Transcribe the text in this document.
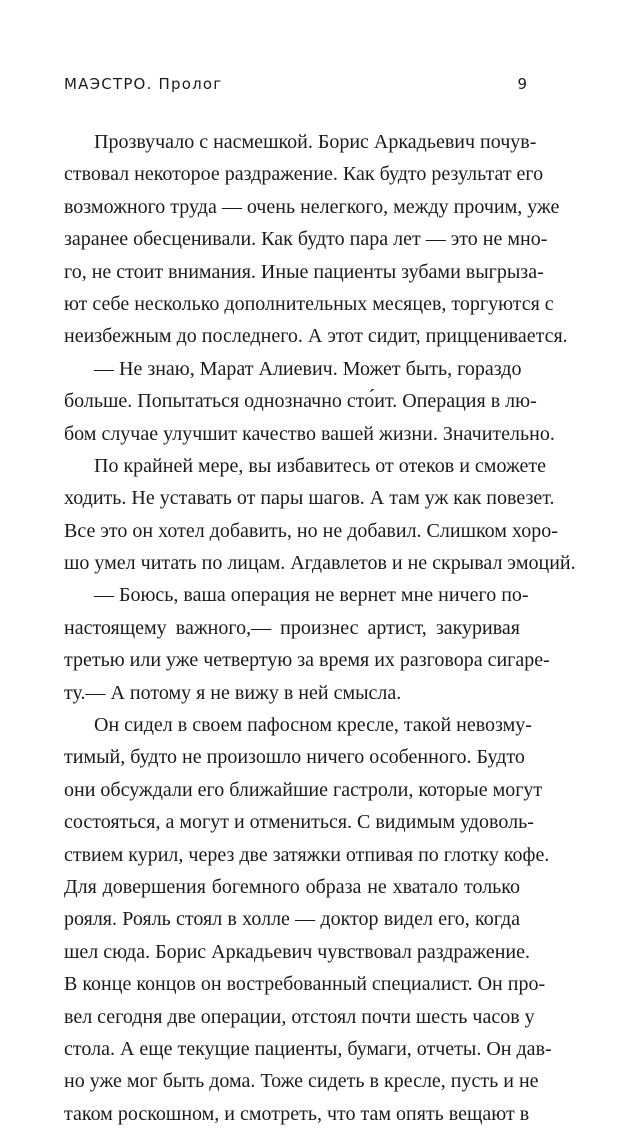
МАЭСТРО. Пролог	9
Прозвучало с насмешкой. Борис Аркадьевич почув-
ствовал некоторое раздражение. Как будто результат его
возможного труда — очень нелегкого, между прочим, уже
заранее обесценивали. Как будто пара лет — это не мно-
го, не стоит внимания. Иные пациенты зубами выгрыза-
ют себе несколько дополнительных месяцев, торгуются с
неизбежным до последнего. А этот сидит, прицценивается.
— Не знаю, Марат Алиевич. Может быть, гораздо
больше. Попытаться однозначно сто́ит. Операция в лю-
бом случае улучшит качество вашей жизни. Значительно.
По крайней мере, вы избавитесь от отеков и сможете
ходить. Не уставать от пары шагов. А там уж как повезет.
Все это он хотел добавить, но не добавил. Слишком хоро-
шо умел читать по лицам. Агдавлетов и не скрывал эмоций.
— Боюсь, ваша операция не вернет мне ничего по-
настоящему важного,— произнес артист, закуривая
третью или уже четвертую за время их разговора сигаре-
ту.— А потому я не вижу в ней смысла.
Он сидел в своем пафосном кресле, такой невозму-
тимый, будто не произошло ничего особенного. Будто
они обсуждали его ближайшие гастроли, которые могут
состояться, а могут и отмениться. С видимым удоволь-
ствием курил, через две затяжки отпивая по глотку кофе.
Для довершения богемного образа не хватало только
рояля. Рояль стоял в холле — доктор видел его, когда
шел сюда. Борис Аркадьевич чувствовал раздражение.
В конце концов он востребованный специалист. Он про-
вел сегодня две операции, отстоял почти шесть часов у
стола. А еще текущие пациенты, бумаги, отчеты. Он дав-
но уже мог быть дома. Тоже сидеть в кресле, пусть и не
таком роскошном, и смотреть, что там опять вещают в
